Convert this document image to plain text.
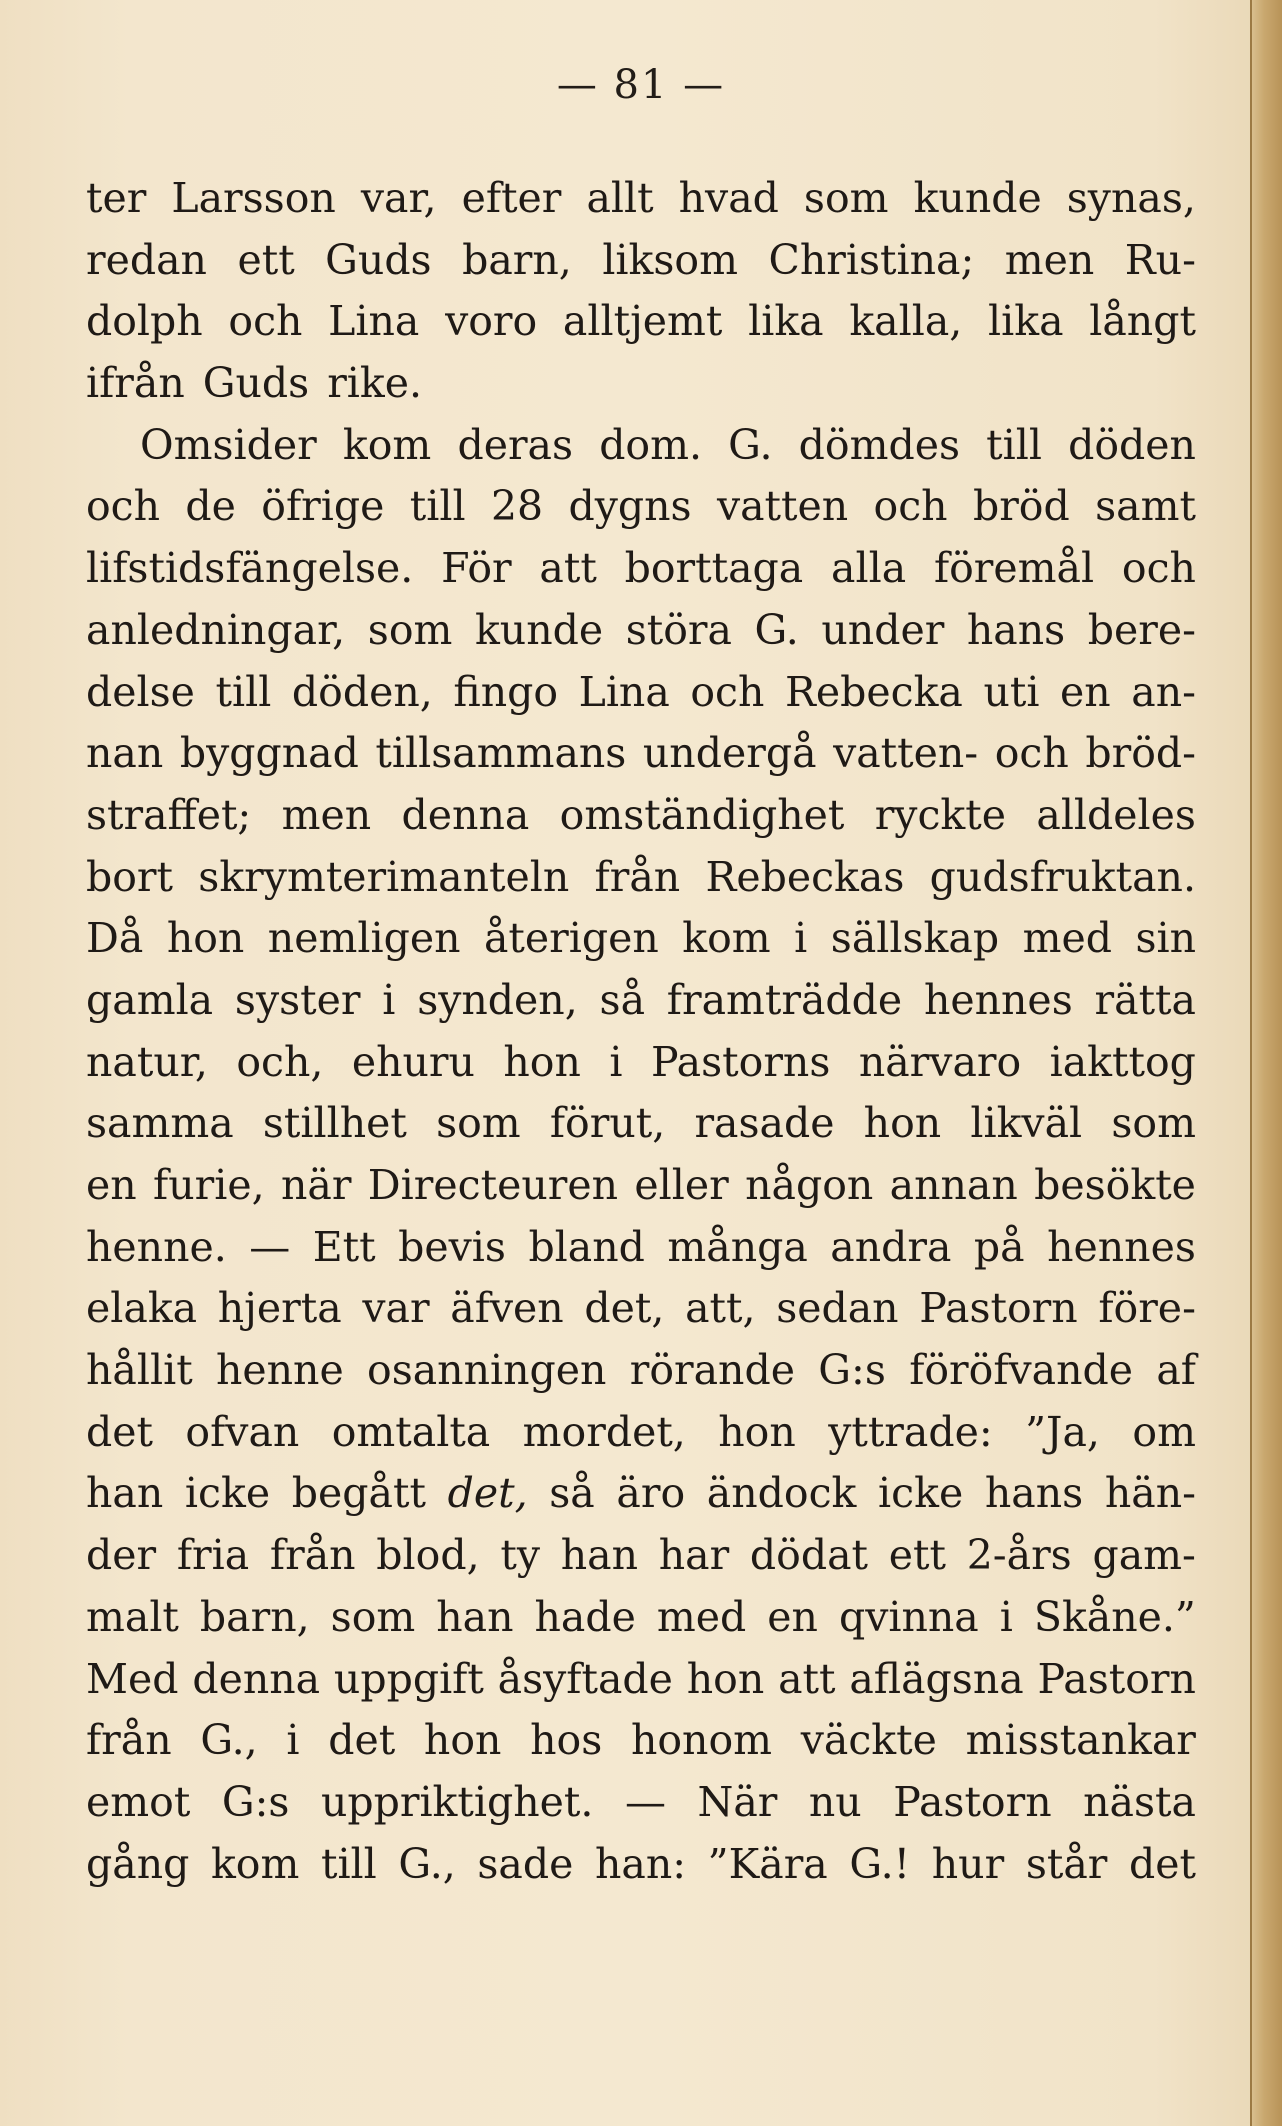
— 81 —
ter Larsson var, efter allt hvad som kunde synas,
redan ett Guds barn, liksom Christina; men Ru-
dolph och Lina voro alltjemt lika kalla, lika långt
ifrån Guds rike.
Omsider kom deras dom. G. dömdes till döden
och de öfrige till 28 dygns vatten och bröd samt
lifstidsfängelse. För att borttaga alla föremål och
anledningar, som kunde störa G. under hans bere-
delse till döden, fingo Lina och Rebecka uti en an-
nan byggnad tillsammans undergå vatten- och bröd-
straffet; men denna omständighet ryckte alldeles
bort skrymterimanteln från Rebeckas gudsfruktan.
Då hon nemligen återigen kom i sällskap med sin
gamla syster i synden, så framträdde hennes rätta
natur, och, ehuru hon i Pastorns närvaro iakttog
samma stillhet som förut, rasade hon likväl som
en furie, när Directeuren eller någon annan besökte
henne. — Ett bevis bland många andra på hennes
elaka hjerta var äfven det, att, sedan Pastorn före-
hållit henne osanningen rörande G:s föröfvande af
det ofvan omtalta mordet, hon yttrade: ”Ja, om
han icke begått det, så äro ändock icke hans hän-
der fria från blod, ty han har dödat ett 2-års gam-
malt barn, som han hade med en qvinna i Skåne.”
Med denna uppgift åsyftade hon att aflägsna Pastorn
från G., i det hon hos honom väckte misstankar
emot G:s uppriktighet. — När nu Pastorn nästa
gång kom till G., sade han: ”Kära G.! hur står det
